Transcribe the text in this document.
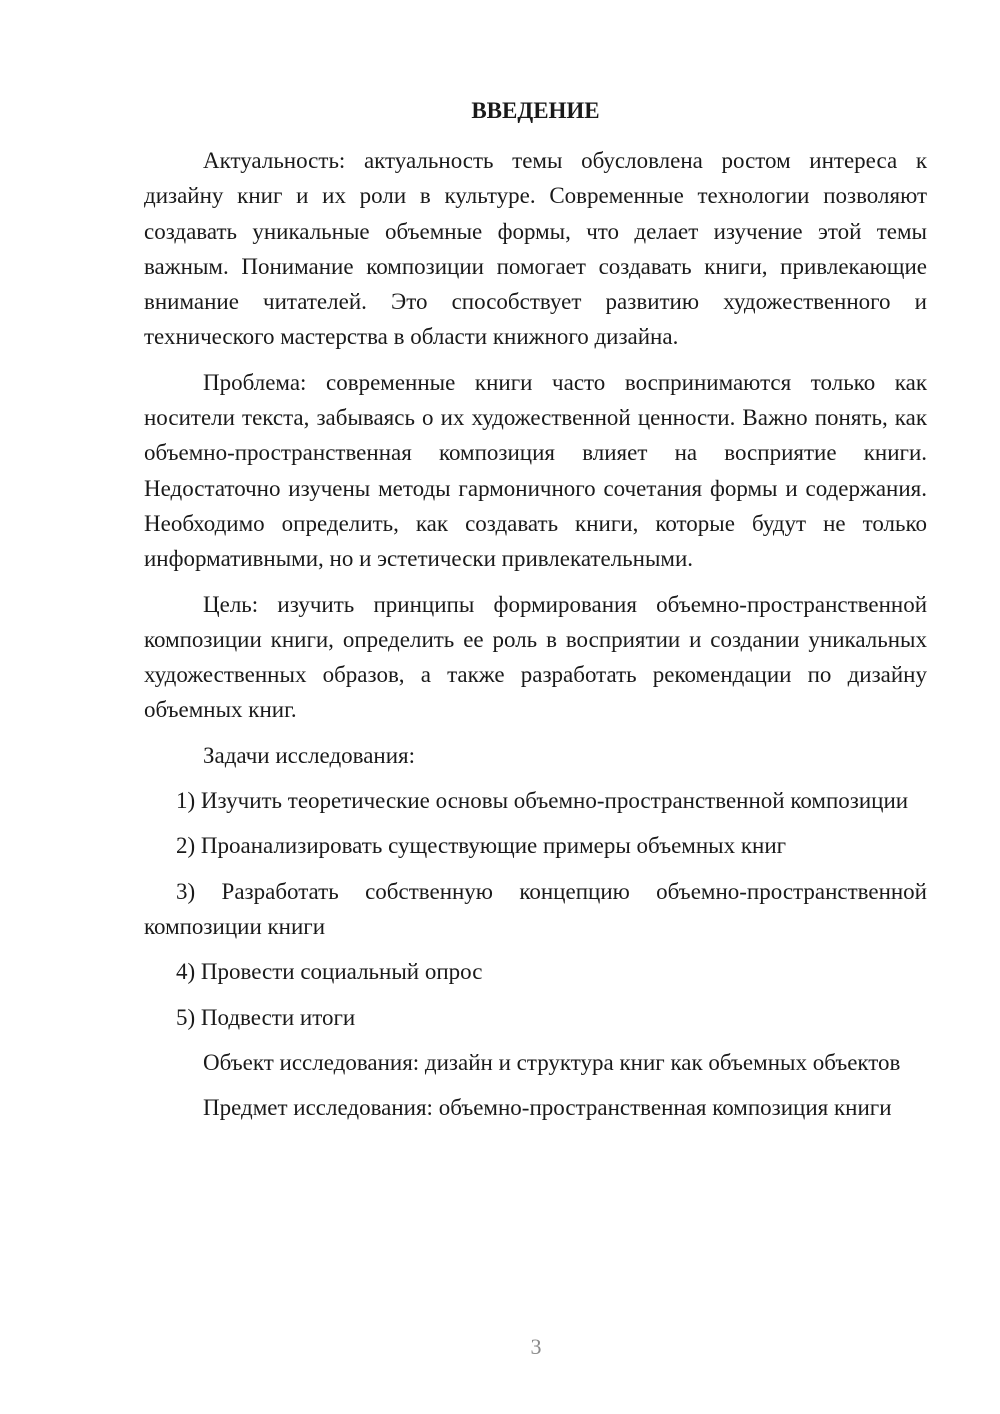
ВВЕДЕНИЕ

Актуальность: актуальность темы обусловлена ростом интереса к дизайну книг и их роли в культуре. Современные технологии позволяют создавать уникальные объемные формы, что делает изучение этой темы важным. Понимание композиции помогает создавать книги, привлекающие внимание читателей. Это способствует развитию художественного и технического мастерства в области книжного дизайна.

Проблема: современные книги часто воспринимаются только как носители текста, забываясь о их художественной ценности. Важно понять, как объемно-пространственная композиция влияет на восприятие книги. Недостаточно изучены методы гармоничного сочетания формы и содержания. Необходимо определить, как создавать книги, которые будут не только информативными, но и эстетически привлекательными.

Цель: изучить принципы формирования объемно-пространственной композиции книги, определить ее роль в восприятии и создании уникальных художественных образов, а также разработать рекомендации по дизайну объемных книг.

Задачи исследования:

1) Изучить теоретические основы объемно-пространственной композиции

2) Проанализировать существующие примеры объемных книг

3) Разработать собственную концепцию объемно-пространственной композиции книги

4) Провести социальный опрос

5) Подвести итоги

Объект исследования: дизайн и структура книг как объемных объектов

Предмет исследования: объемно-пространственная композиция книги

3
